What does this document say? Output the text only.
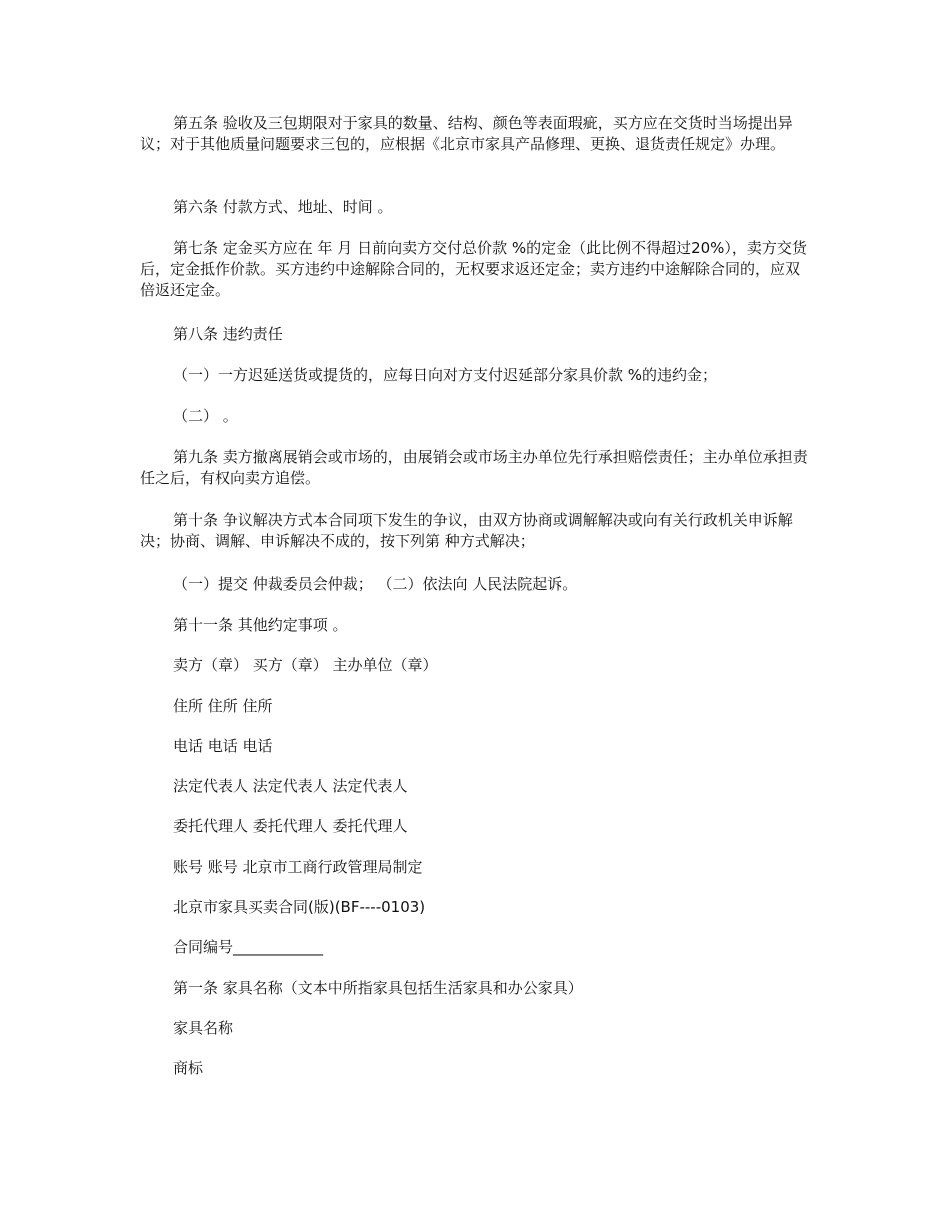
第五条 验收及三包期限对于家具的数量、结构、颜色等表面瑕疵，买方应在交货时当场提出异议；对于其他质量问题要求三包的，应根据《北京市家具产品修理、更换、退货责任规定》办理。

第六条 付款方式、地址、时间 。

第七条 定金买方应在 年 月 日前向卖方交付总价款 %的定金（此比例不得超过20%），卖方交货后，定金抵作价款。买方违约中途解除合同的，无权要求返还定金；卖方违约中途解除合同的，应双倍返还定金。

第八条 违约责任

（一）一方迟延送货或提货的，应每日向对方支付迟延部分家具价款 %的违约金；

（二） 。

第九条 卖方撤离展销会或市场的，由展销会或市场主办单位先行承担赔偿责任；主办单位承担责任之后，有权向卖方追偿。

第十条 争议解决方式本合同项下发生的争议，由双方协商或调解解决或向有关行政机关申诉解决；协商、调解、申诉解决不成的，按下列第 种方式解决；

（一）提交 仲裁委员会仲裁； （二）依法向 人民法院起诉。

第十一条 其他约定事项 。

卖方（章） 买方（章） 主办单位（章）

住所 住所 住所

电话 电话 电话

法定代表人 法定代表人 法定代表人

委托代理人 委托代理人 委托代理人

账号 账号 北京市工商行政管理局制定

北京市家具买卖合同(版)(BF----0103)

合同编号____________

第一条 家具名称（文本中所指家具包括生活家具和办公家具）

家具名称

商标
